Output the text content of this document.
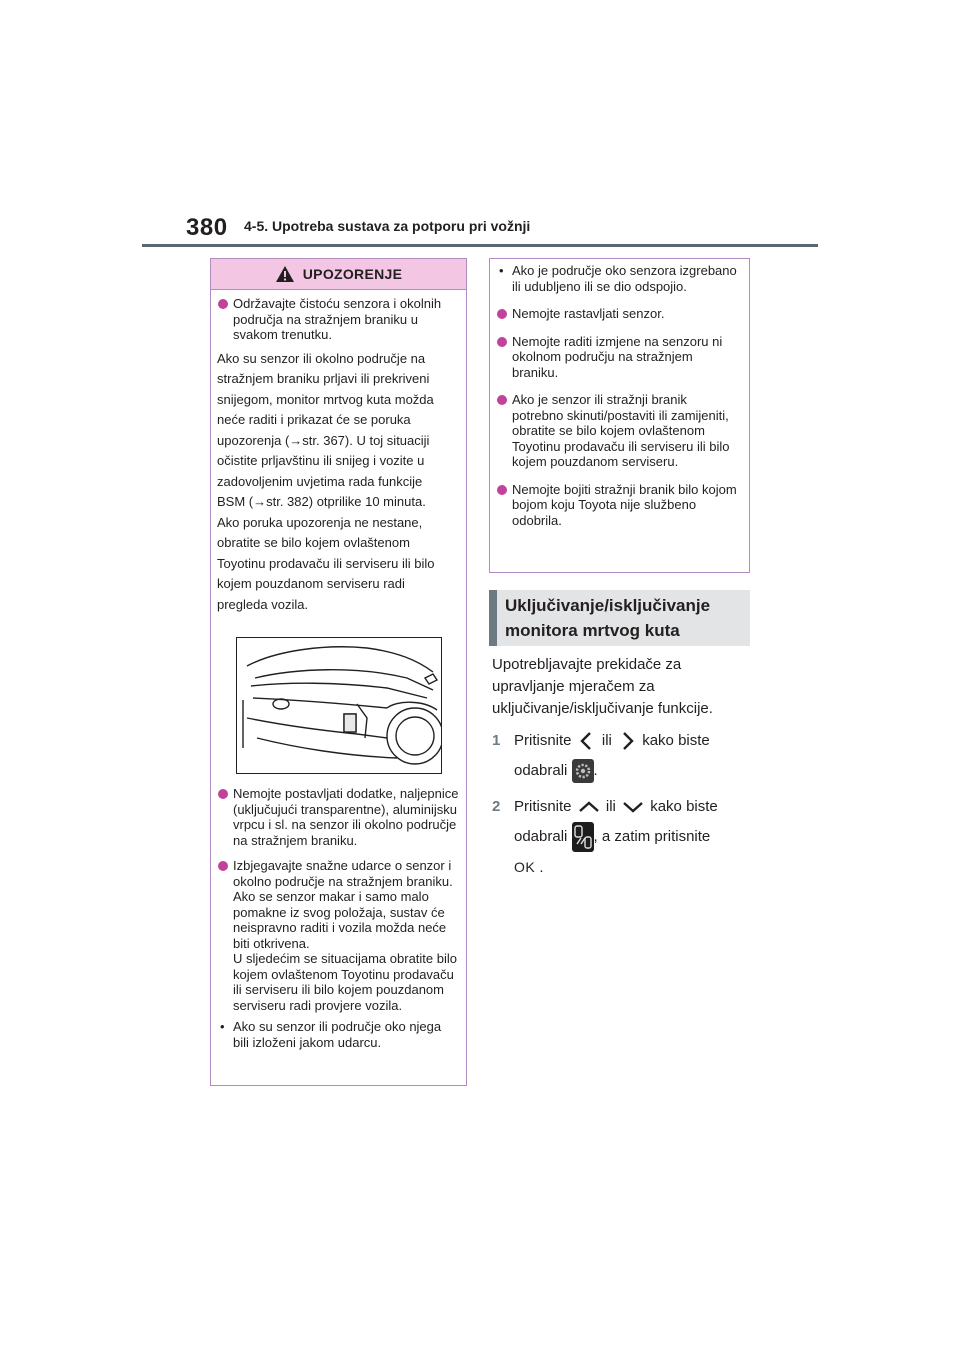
380 4-5. Upotreba sustava za potporu pri vožnji
UPOZORENJE
Održavajte čistoću senzora i okolnih područja na stražnjem braniku u svakom trenutku.
Ako su senzor ili okolno područje na
stražnjem braniku prljavi ili prekriveni
snijegom, monitor mrtvog kuta možda
neće raditi i prikazat će se poruka
upozorenja (→str. 367). U toj situaciji
očistite prljavštinu ili snijeg i vozite u
zadovoljenim uvjetima rada funkcije
BSM (→str. 382) otprilike 10 minuta.
Ako poruka upozorenja ne nestane,
obratite se bilo kojem ovlaštenom
Toyotinu prodavaču ili serviseru ili bilo
kojem pouzdanom serviseru radi
pregleda vozila.
Nemojte postavljati dodatke, naljepnice (uključujući transparentne), aluminijsku vrpcu i sl. na senzor ili okolno područje na stražnjem braniku.
Izbjegavajte snažne udarce o senzor i okolno područje na stražnjem braniku.
Ako se senzor makar i samo malo pomakne iz svog položaja, sustav će neispravno raditi i vozila možda neće biti otkrivena.
U sljedećim se situacijama obratite bilo kojem ovlaštenom Toyotinu prodavaču ili serviseru ili bilo kojem pouzdanom serviseru radi provjere vozila.
• Ako su senzor ili područje oko njega bili izloženi jakom udarcu.
• Ako je područje oko senzora izgrebano ili udubljeno ili se dio odspojio.
Nemojte rastavljati senzor.
Nemojte raditi izmjene na senzoru ni okolnom području na stražnjem braniku.
Ako je senzor ili stražnji branik potrebno skinuti/postaviti ili zamijeniti, obratite se bilo kojem ovlaštenom Toyotinu prodavaču ili serviseru ili bilo kojem pouzdanom serviseru.
Nemojte bojiti stražnji branik bilo kojom bojom koju Toyota nije službeno odobrila.
Uključivanje/isključivanje
monitora mrtvog kuta
Upotrebljavajte prekidače za
upravljanje mjeračem za
uključivanje/isključivanje funkcije.
1 Pritisnite ili kako biste
odabrali .
2 Pritisnite ili kako biste
odabrali , a zatim pritisnite
OK .
